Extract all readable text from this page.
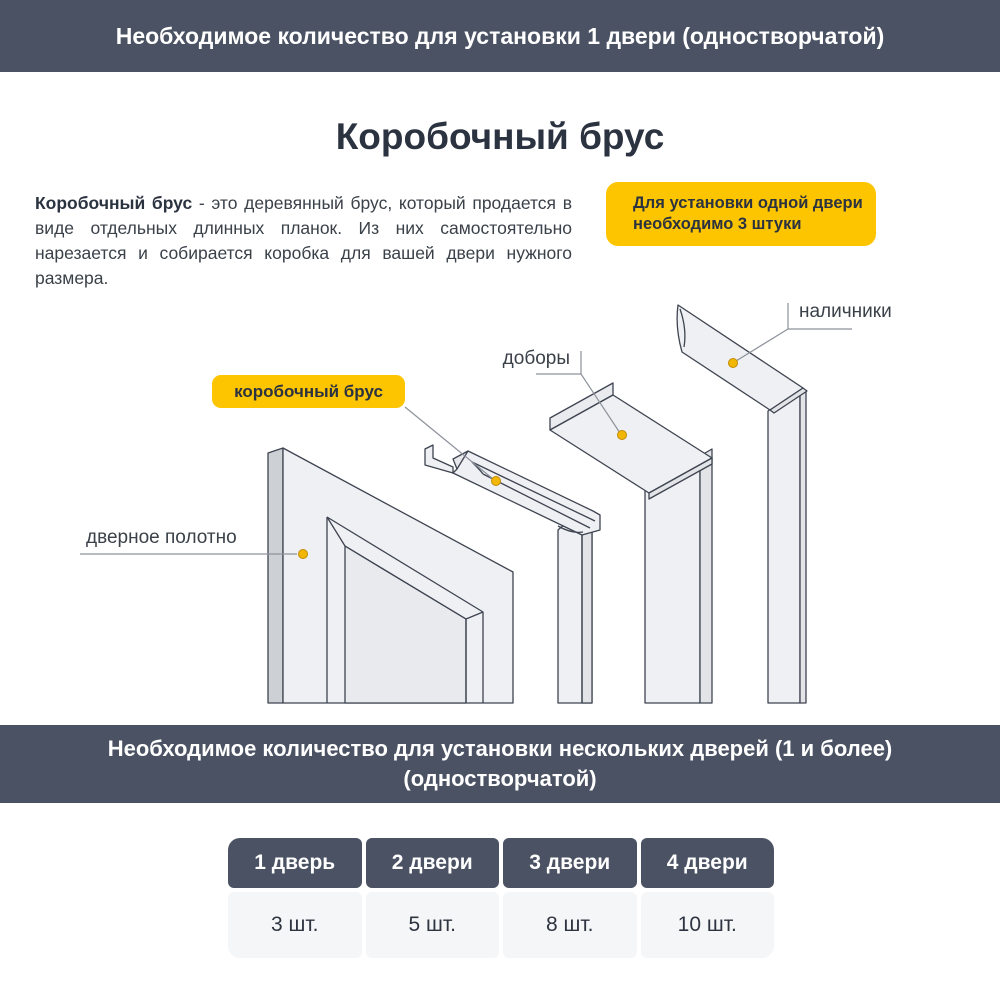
Необходимое количество для установки 1 двери (одностворчатой)
Коробочный брус
Коробочный брус - это деревянный брус, который продается в виде отдельных длинных планок. Из них самостоятельно нарезается и собирается коробка для вашей двери нужного размера.
Для установки одной двери
необходимо 3 штуки
дверное полотно
доборы
наличники
коробочный брус
Необходимое количество для установки нескольких дверей (1 и более)
(одностворчатой)
1 дверь	2 двери	3 двери	4 двери
3 шт.	5 шт.	8 шт.	10 шт.
